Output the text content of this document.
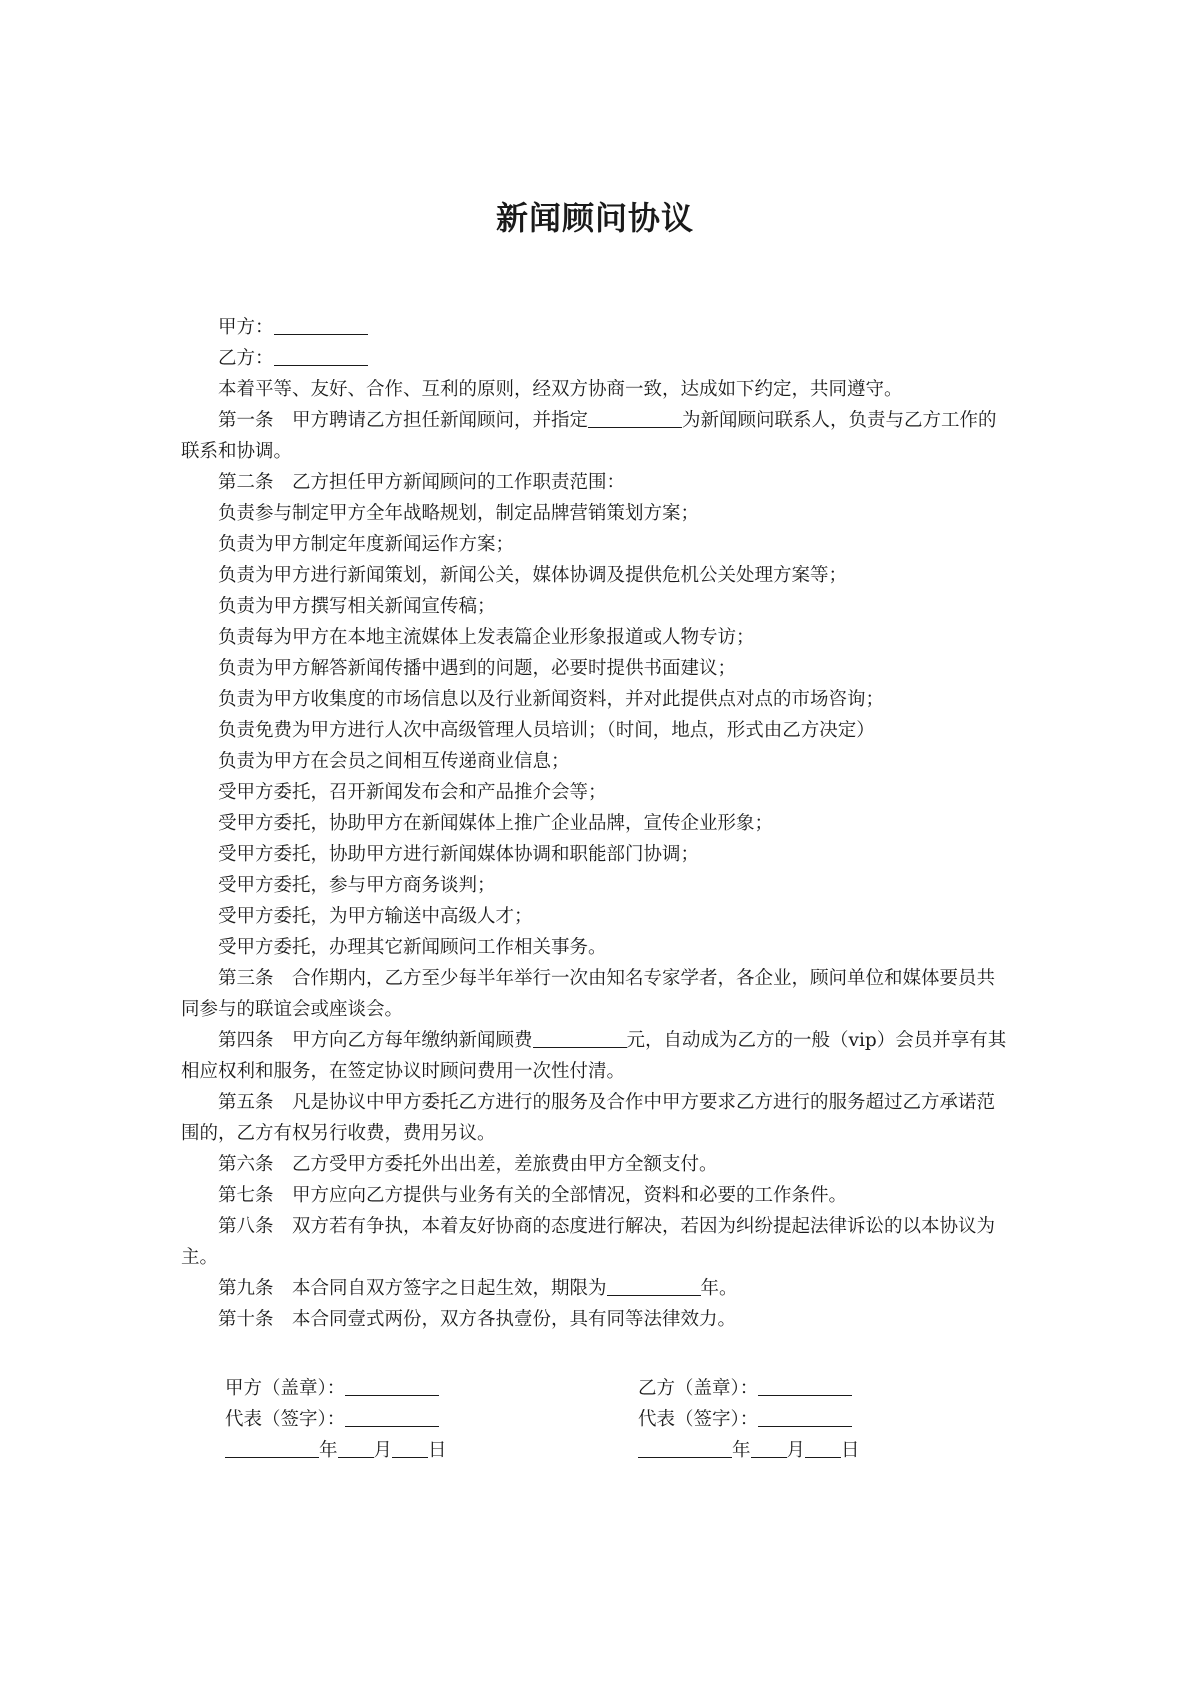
新闻顾问协议

甲方：

乙方：

本着平等、友好、合作、互利的原则，经双方协商一致，达成如下约定，共同遵守。

第一条　甲方聘请乙方担任新闻顾问，并指定	为新闻顾问联系人，负责与乙方工作的联系和协调。

第二条　乙方担任甲方新闻顾问的工作职责范围：

负责参与制定甲方全年战略规划，制定品牌营销策划方案；

负责为甲方制定年度新闻运作方案；

负责为甲方进行新闻策划，新闻公关，媒体协调及提供危机公关处理方案等；

负责为甲方撰写相关新闻宣传稿；

负责每为甲方在本地主流媒体上发表篇企业形象报道或人物专访；

负责为甲方解答新闻传播中遇到的问题，必要时提供书面建议；

负责为甲方收集度的市场信息以及行业新闻资料，并对此提供点对点的市场咨询；

负责免费为甲方进行人次中高级管理人员培训；（时间，地点，形式由乙方决定）

负责为甲方在会员之间相互传递商业信息；

受甲方委托，召开新闻发布会和产品推介会等；

受甲方委托，协助甲方在新闻媒体上推广企业品牌，宣传企业形象；

受甲方委托，协助甲方进行新闻媒体协调和职能部门协调；

受甲方委托，参与甲方商务谈判；

受甲方委托，为甲方输送中高级人才；

受甲方委托，办理其它新闻顾问工作相关事务。

第三条　合作期内，乙方至少每半年举行一次由知名专家学者，各企业，顾问单位和媒体要员共同参与的联谊会或座谈会。

第四条　甲方向乙方每年缴纳新闻顾费	元，自动成为乙方的一般（vip）会员并享有其相应权利和服务，在签定协议时顾问费用一次性付清。

第五条　凡是协议中甲方委托乙方进行的服务及合作中甲方要求乙方进行的服务超过乙方承诺范围的，乙方有权另行收费，费用另议。

第六条　乙方受甲方委托外出出差，差旅费由甲方全额支付。

第七条　甲方应向乙方提供与业务有关的全部情况，资料和必要的工作条件。

第八条　双方若有争执，本着友好协商的态度进行解决，若因为纠纷提起法律诉讼的以本协议为主。

第九条　本合同自双方签字之日起生效，期限为	年。

第十条　本合同壹式两份，双方各执壹份，具有同等法律效力。

甲方（盖章）：

代表（签字）：

年 月 日

乙方（盖章）：

代表（签字）：

年 月 日
